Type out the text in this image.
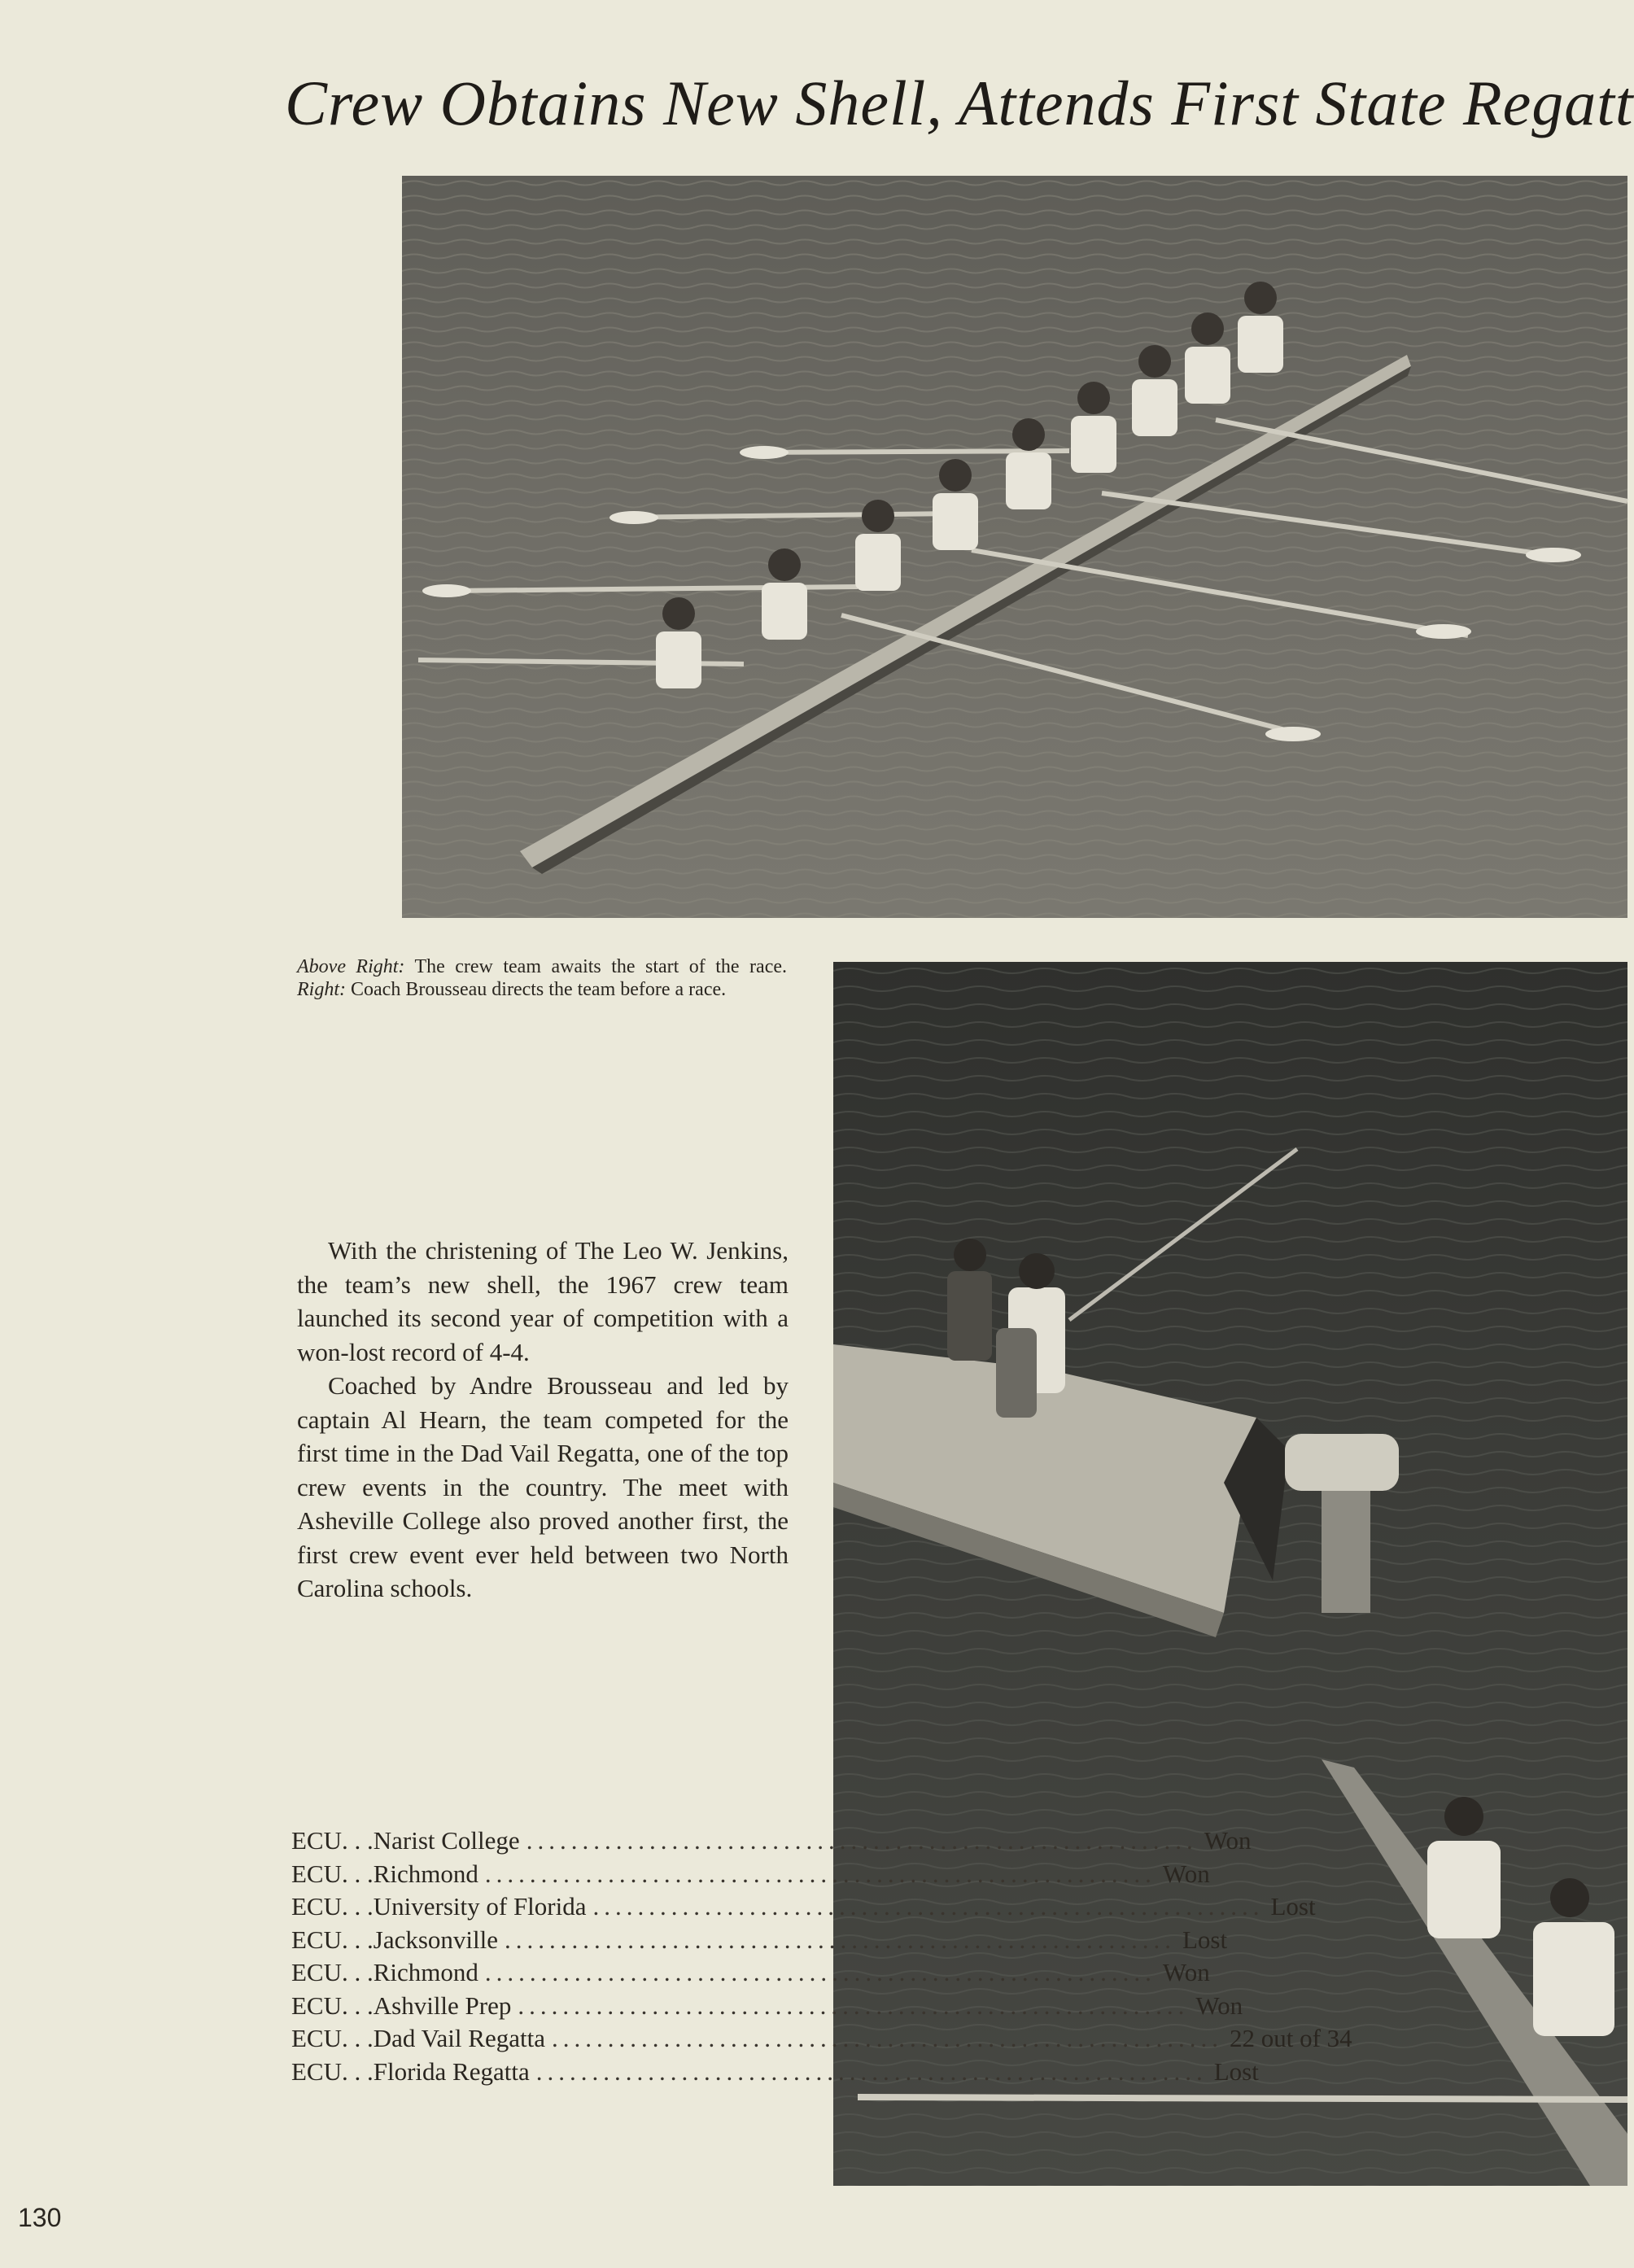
Crew Obtains New Shell, Attends First State Regatt
Above Right: The crew team awaits the start of the race. Right: Coach Brousseau directs the team before a race.

With the christening of The Leo W. Jenkins, the team’s new shell, the 1967 crew team launched its second year of competition with a won-lost record of 4-4.

Coached by Andre Brousseau and led by captain Al Hearn, the team competed for the first time in the Dad Vail Regatta, one of the top crew events in the country. The meet with Asheville College also proved another first, the first crew event ever held between two North Carolina schools.

ECU. . . Narist College ............................................................ Won
ECU. . . Richmond ............................................................ Won
ECU. . . University of Florida ............................................................ Lost
ECU. . . Jacksonville ............................................................ Lost
ECU. . . Richmond ............................................................ Won
ECU. . . Ashville Prep ............................................................ Won
ECU. . . Dad Vail Regatta ............................................................ 22 out of 34
ECU. . . Florida Regatta ............................................................ Lost
130
